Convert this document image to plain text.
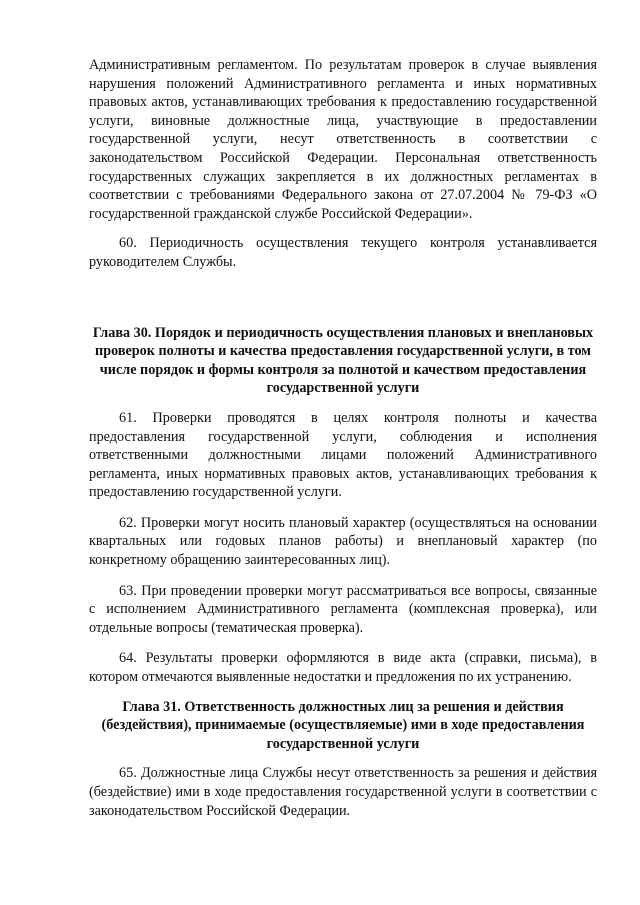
Административным регламентом. По результатам проверок в случае выявления нарушения положений Административного регламента и иных нормативных правовых актов, устанавливающих требования к предоставлению государственной услуги, виновные должностные лица, участвующие в предоставлении государственной услуги, несут ответственность в соответствии с законодательством Российской Федерации. Персональная ответственность государственных служащих закрепляется в их должностных регламентах в соответствии с требованиями Федерального закона от 27.07.2004 № 79-ФЗ «О государственной гражданской службе Российской Федерации».

60. Периодичность осуществления текущего контроля устанавливается руководителем Службы.

Глава 30. Порядок и периодичность осуществления плановых и внеплановых проверок полноты и качества предоставления государственной услуги, в том числе порядок и формы контроля за полнотой и качеством предоставления государственной услуги

61. Проверки проводятся в целях контроля полноты и качества предоставления государственной услуги, соблюдения и исполнения ответственными должностными лицами положений Административного регламента, иных нормативных правовых актов, устанавливающих требования к предоставлению государственной услуги.

62. Проверки могут носить плановый характер (осуществляться на основании квартальных или годовых планов работы) и внеплановый характер (по конкретному обращению заинтересованных лиц).

63. При проведении проверки могут рассматриваться все вопросы, связанные с исполнением Административного регламента (комплексная проверка), или отдельные вопросы (тематическая проверка).

64. Результаты проверки оформляются в виде акта (справки, письма), в котором отмечаются выявленные недостатки и предложения по их устранению.

Глава 31. Ответственность должностных лиц за решения и действия (бездействия), принимаемые (осуществляемые) ими в ходе предоставления государственной услуги

65. Должностные лица Службы несут ответственность за решения и действия (бездействие) ими в ходе предоставления государственной услуги в соответствии с законодательством Российской Федерации.
